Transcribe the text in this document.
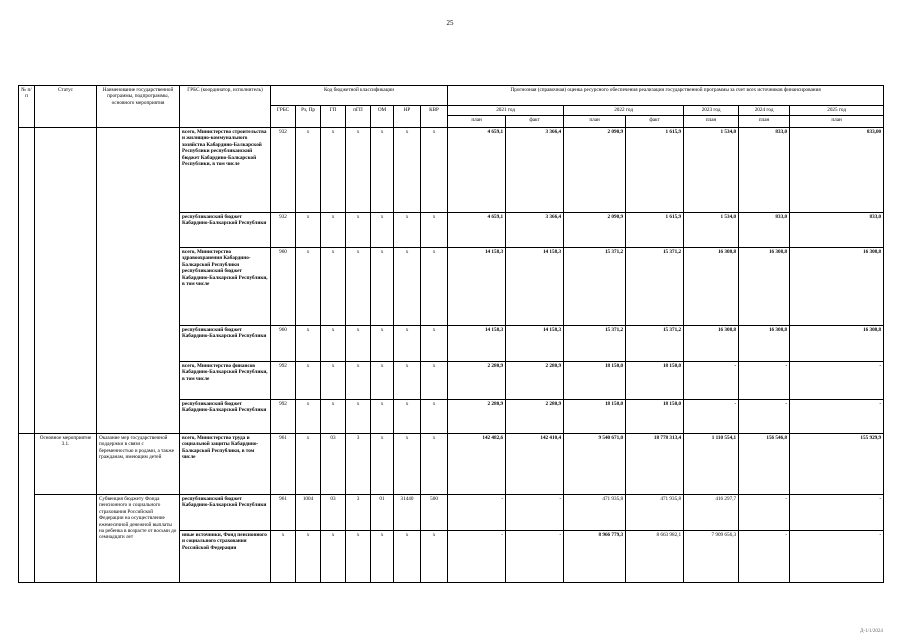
25
№ п/п	Статус	Наименование государственной программы, подпрограммы, основного мероприятия	ГРБС (координатор, исполнитель)	Код бюджетной классификации							Прогнозная (справочная) оценка ресурсного обеспечения реализации государственной программы за счет всех источников финансирования						
				ГРБС	Рз, Пр	ГП	пГП	ОМ	НР	КВР	2021 год		2022 год		2023 год	2024 год	2025 год
											план	факт	план	факт	план	план	план
			всего, Министерство строительства и жилищно-коммунального хозяйства Кабардино-Балкарской Республики республиканский бюджет Кабардино-Балкарской Республики, в том числе	932	х	х	х	х	х	х	4 659,1	3 366,4	2 090,9	1 615,9	1 534,0	833,0	833,00
			республиканский бюджет Кабардино-Балкарской Республики	932	х	х	х	х	х	х	4 659,1	3 366,4	2 090,9	1 615,9	1 534,0	833,0	833,0
			всего, Министерство здравоохранения Кабардино-Балкарской Республики республиканский бюджет Кабардино-Балкарской Республики, в том числе	960	х	х	х	х	х	х	14 158,3	14 158,3	15 371,2	15 371,2	16 308,8	16 308,8	16 308,8
			республиканский бюджет Кабардино-Балкарской Республики	960	х	х	х	х	х	х	14 158,3	14 158,3	15 371,2	15 371,2	16 308,8	16 308,8	16 308,8
			всего, Министерство финансов Кабардино-Балкарской Республики, в том числе	992	х	х	х	х	х	х	2 280,9	2 280,9	18 150,0	18 150,0	-	-	-
			республиканский бюджет Кабардино-Балкарской Республики	992	х	х	х	х	х	х	2 280,9	2 280,9	18 150,0	18 150,0	-	-	-
	Основное мероприятие 3.1.	Оказание мер государственной поддержки в связи с беременностью и родами, а также гражданам, имеющим детей	всего, Министерство труда и социальной защиты Кабардино-Балкарской Республики, в том числе	961	х	03	3	х	х	х	142 482,6	142 410,4	9 540 671,0	18 778 313,4	1 110 554,1	156 546,8	155 929,9
		Субвенция бюджету Фонда пенсионного и социального страхования Российской Федерации на осуществление ежемесячной денежной выплаты на ребенка в возрасте от восьми до семнадцати лет	республиканский бюджет Кабардино-Балкарской Республики	961	1004	03	3	01	31440	500	-	-	471 935,8	471 935,8	416 297,7	-	-
			иные источники, Фонд пенсионного и социального страхования Российской Федерации	х	х	х	х	х	х	х	-	-	8 966 779,3	8 663 982,1	7 909 656,3	-	-
Д-1/1/2024
